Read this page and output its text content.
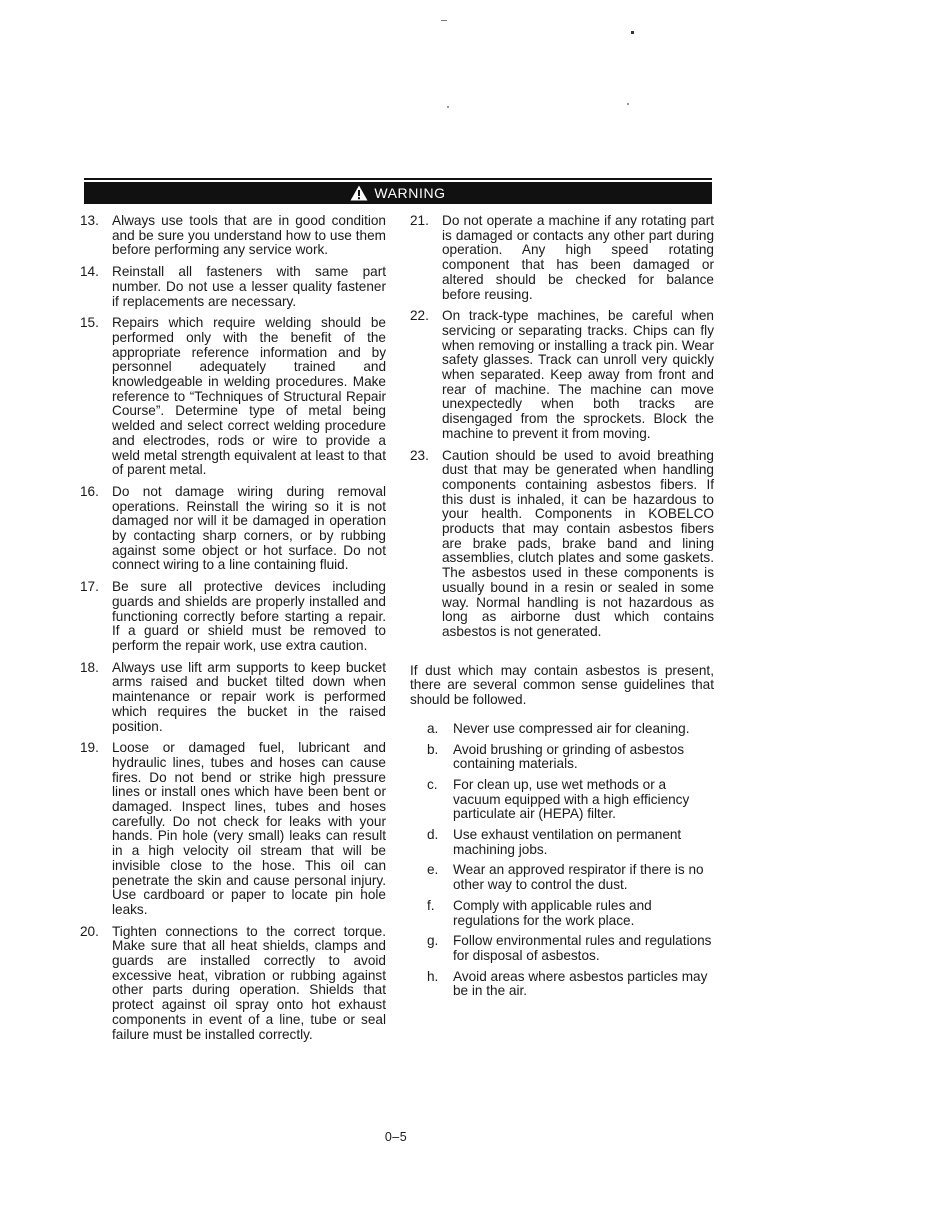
WARNING
13. Always use tools that are in good condition and be sure you understand how to use them before performing any service work.
14. Reinstall all fasteners with same part number. Do not use a lesser quality fastener if replacements are necessary.
15. Repairs which require welding should be performed only with the benefit of the appropriate reference information and by personnel adequately trained and knowledgeable in welding procedures. Make reference to “Techniques of Structural Repair Course”. Determine type of metal being welded and select correct welding procedure and electrodes, rods or wire to provide a weld metal strength equivalent at least to that of parent metal.
16. Do not damage wiring during removal operations. Reinstall the wiring so it is not damaged nor will it be damaged in operation by contacting sharp corners, or by rubbing against some object or hot surface. Do not connect wiring to a line containing fluid.
17. Be sure all protective devices including guards and shields are properly installed and functioning correctly before starting a repair. If a guard or shield must be removed to perform the repair work, use extra caution.
18. Always use lift arm supports to keep bucket arms raised and bucket tilted down when maintenance or repair work is performed which requires the bucket in the raised position.
19. Loose or damaged fuel, lubricant and hydraulic lines, tubes and hoses can cause fires. Do not bend or strike high pressure lines or install ones which have been bent or damaged. Inspect lines, tubes and hoses carefully. Do not check for leaks with your hands. Pin hole (very small) leaks can result in a high velocity oil stream that will be invisible close to the hose. This oil can penetrate the skin and cause personal injury. Use cardboard or paper to locate pin hole leaks.
20. Tighten connections to the correct torque. Make sure that all heat shields, clamps and guards are installed correctly to avoid excessive heat, vibration or rubbing against other parts during operation. Shields that protect against oil spray onto hot exhaust components in event of a line, tube or seal failure must be installed correctly.
21. Do not operate a machine if any rotating part is damaged or contacts any other part during operation. Any high speed rotating component that has been damaged or altered should be checked for balance before reusing.
22. On track-type machines, be careful when servicing or separating tracks. Chips can fly when removing or installing a track pin. Wear safety glasses. Track can unroll very quickly when separated. Keep away from front and rear of machine. The machine can move unexpectedly when both tracks are disengaged from the sprockets. Block the machine to prevent it from moving.
23. Caution should be used to avoid breathing dust that may be generated when handling components containing asbestos fibers. If this dust is inhaled, it can be hazardous to your health. Components in KOBELCO products that may contain asbestos fibers are brake pads, brake band and lining assemblies, clutch plates and some gaskets. The asbestos used in these components is usually bound in a resin or sealed in some way. Normal handling is not hazardous as long as airborne dust which contains asbestos is not generated.
If dust which may contain asbestos is present, there are several common sense guidelines that should be followed.
a.	Never use compressed air for cleaning.
b.	Avoid brushing or grinding of asbestos containing materials.
c.	For clean up, use wet methods or a vacuum equipped with a high efficiency particulate air (HEPA) filter.
d.	Use exhaust ventilation on permanent machining jobs.
e.	Wear an approved respirator if there is no other way to control the dust.
f.	Comply with applicable rules and regulations for the work place.
g.	Follow environmental rules and regulations for disposal of asbestos.
h.	Avoid areas where asbestos particles may be in the air.
0–5
